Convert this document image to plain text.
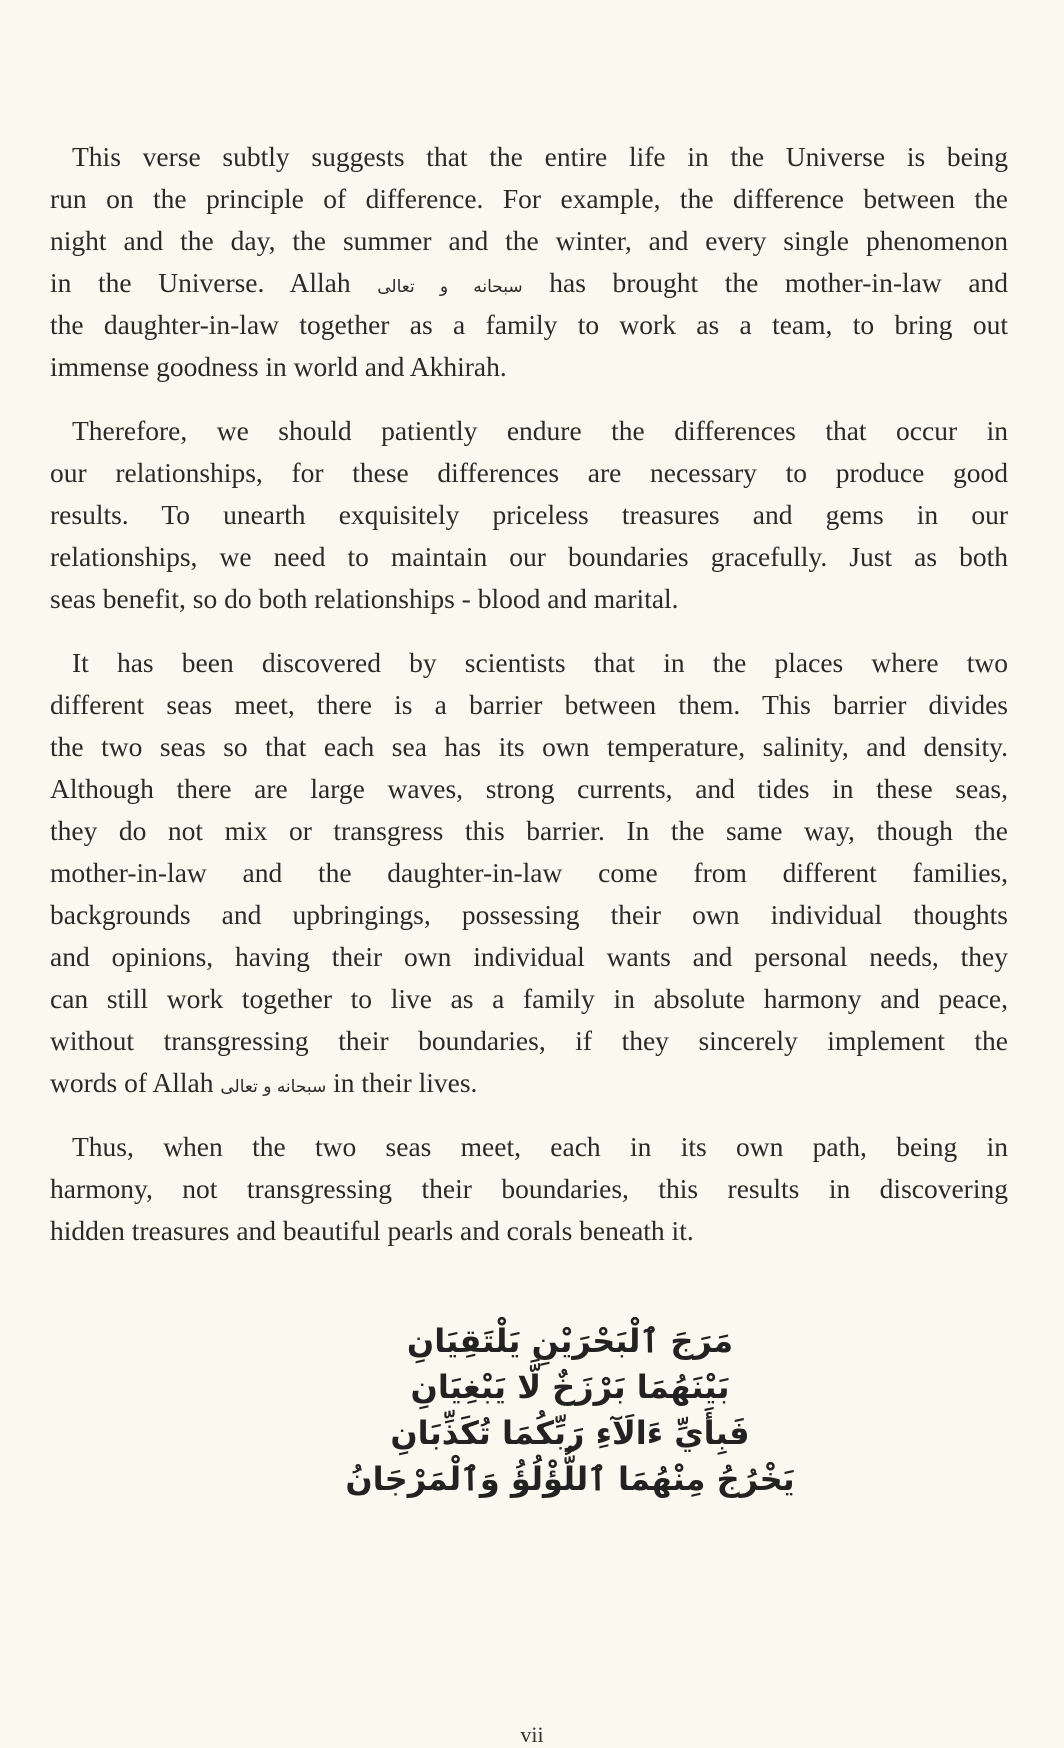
This verse subtly suggests that the entire life in the Universe is being
run on the principle of difference. For example, the difference between the
night and the day, the summer and the winter, and every single phenomenon
in the Universe. Allah سبحانه و تعالى has brought the mother-in-law and
the daughter-in-law together as a family to work as a team, to bring out
immense goodness in world and Akhirah.
Therefore, we should patiently endure the differences that occur in
our relationships, for these differences are necessary to produce good
results. To unearth exquisitely priceless treasures and gems in our
relationships, we need to maintain our boundaries gracefully. Just as both
seas benefit, so do both relationships - blood and marital.
It has been discovered by scientists that in the places where two
different seas meet, there is a barrier between them. This barrier divides
the two seas so that each sea has its own temperature, salinity, and density.
Although there are large waves, strong currents, and tides in these seas,
they do not mix or transgress this barrier. In the same way, though the
mother-in-law and the daughter-in-law come from different families,
backgrounds and upbringings, possessing their own individual thoughts
and opinions, having their own individual wants and personal needs, they
can still work together to live as a family in absolute harmony and peace,
without transgressing their boundaries, if they sincerely implement the
words of Allah سبحانه و تعالى in their lives.
Thus, when the two seas meet, each in its own path, being in
harmony, not transgressing their boundaries, this results in discovering
hidden treasures and beautiful pearls and corals beneath it.
مَرَجَ ٱلْبَحْرَيْنِ يَلْتَقِيَانِ
بَيْنَهُمَا بَرْزَخٌ لَّا يَبْغِيَانِ
فَبِأَيِّ ءَالَآءِ رَبِّكُمَا تُكَذِّبَانِ
يَخْرُجُ مِنْهُمَا ٱللُّؤْلُؤُ وَٱلْمَرْجَانُ
vii
